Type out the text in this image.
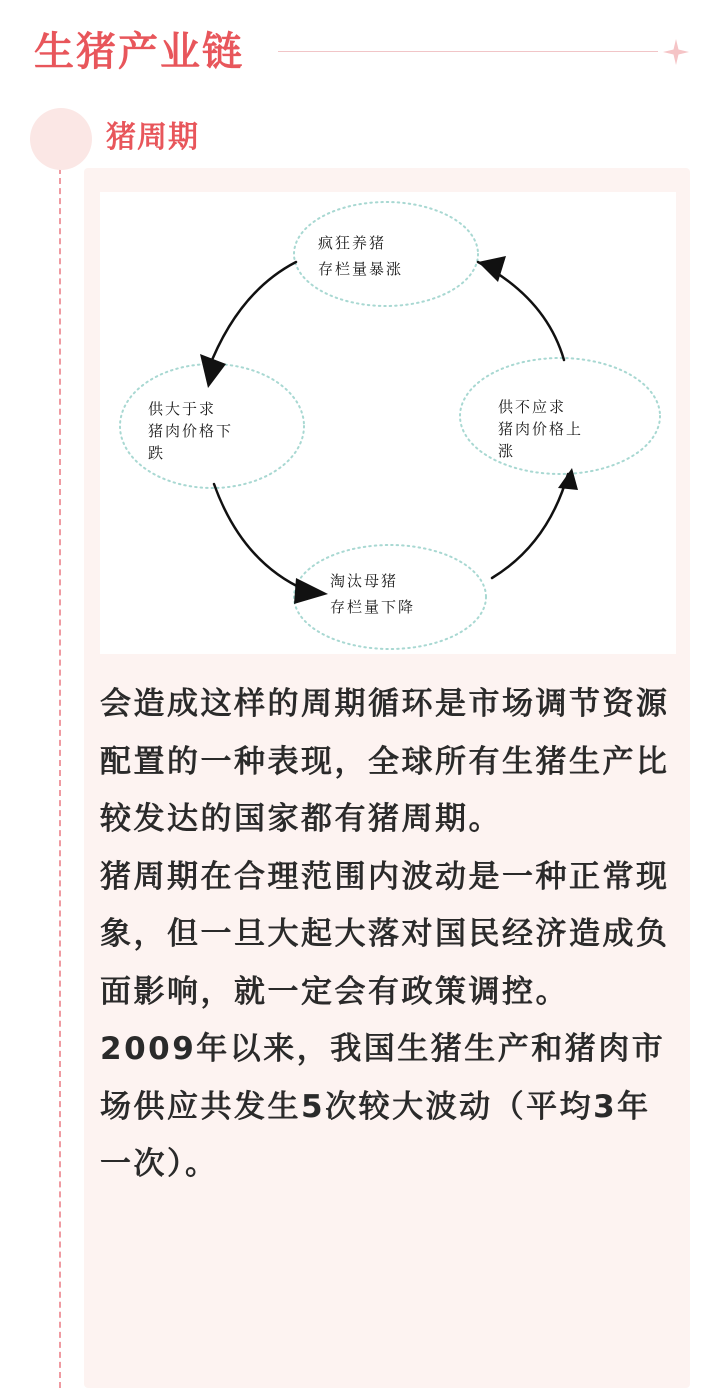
生猪产业链
猪周期
疯狂养猪
存栏量暴涨
供不应求
猪肉价格上
涨
淘汰母猪
存栏量下降
供大于求
猪肉价格下
跌

会造成这样的周期循环是市场调节资源配置的一种表现，全球所有生猪生产比较发达的国家都有猪周期。

猪周期在合理范围内波动是一种正常现象，但一旦大起大落对国民经济造成负面影响，就一定会有政策调控。

2009年以来，我国生猪生产和猪肉市场供应共发生5次较大波动（平均3年一次）。
